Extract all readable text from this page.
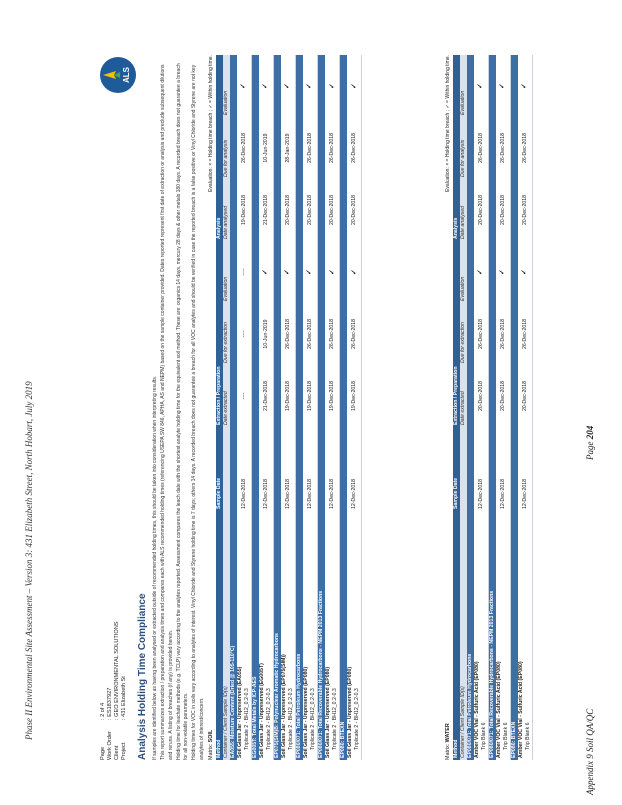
Phase II Environmental Site Assessment – Version 3: 431 Elizabeth Street, North Hobart, July 2019
Appendix 9 Soil QA/QC
Page 204
Page
: 2 of 4
Work Order
: ES1837927
Client
: GEO ENVIRONMENTAL SOLUTIONS
Project
: 431 Elizabeth St
ALS
Analysis Holding Time Compliance If samples are identified below as having been analysed or extracted outside of recommended holding times, this should be taken into consideration when interpreting results. This report summarizes extraction / preparation and analysis times and compares each with ALS recommended holding times (referencing USEPA SW 846, APHA, AS and NEPM) based on the sample container provided. Dates reported represent first date of extraction or analysis and preclude subsequent dilutions and reruns. A listing of breaches (if any) is provided herein. Holding time for leachate methods (e.g. TCLP) vary according to the analytes reported. Assessment compares the leach date with the shortest analyte holding time for the equivalent soil method. These are: organics 14 days, mercury 28 days & other metals 180 days. A recorded breach does not guarantee a breach for all non-volatile parameters. Holding times for VOC in soils vary according to analytes of interest. Vinyl Chloride and Styrene holding time is 7 days; others 14 days. A recorded breach does not guarantee a breach for all VOC analytes and should be verified in case the reported breach is a false positive or Vinyl Chloride and Styrene are not key analytes of interest/concern. Matrix: SOIL
Evaluation: × = Holding time breach ; ✓ = Within holding time.
Method	Sample Date	Extraction / Preparation			Analysis		
Container / Client Sample ID(s)		Date extracted	Due for extraction	Evaluation	Date analysed	Due for analysis	Evaluation
EA055: Moisture Content (Dried @ 105-110°C)							
Soil Glass Jar - Unpreserved (EA055)
Triplicate 2 - BH12_0.2-0.3	12-Dec-2018	----	----	----	19-Dec-2018	26-Dec-2018	✓
EG005T: Total Metals by ICP-AES							
Soil Glass Jar - Unpreserved (EG005T)
Triplicate 2 - BH12_0.2-0.3	12-Dec-2018	21-Dec-2018	10-Jun-2019	✓	21-Dec-2018	10-Jun-2019	✓
EP075(SIM)B: Polynuclear Aromatic Hydrocarbons							
Soil Glass Jar - Unpreserved (EP075(SIM))
Triplicate 2 - BH12_0.2-0.3	12-Dec-2018	19-Dec-2018	26-Dec-2018	✓	20-Dec-2018	28-Jan-2019	✓
EP080/071: Total Petroleum Hydrocarbons							
Soil Glass Jar - Unpreserved (EP080)
Triplicate 2 - BH12_0.2-0.3	12-Dec-2018	19-Dec-2018	26-Dec-2018	✓	20-Dec-2018	26-Dec-2018	✓
EP080/071: Total Recoverable Hydrocarbons - NEPM 2013 Fractions							
Soil Glass Jar - Unpreserved (EP080)
Triplicate 2 - BH12_0.2-0.3	12-Dec-2018	19-Dec-2018	26-Dec-2018	✓	20-Dec-2018	26-Dec-2018	✓
EP080: BTEXN							
Soil Glass Jar - Unpreserved (EP080)
Triplicate 2 - BH12_0.2-0.3	12-Dec-2018	19-Dec-2018	26-Dec-2018	✓	20-Dec-2018	26-Dec-2018	✓
Matrix: WATER
Evaluation: × = Holding time breach ; ✓ = Within holding time.
Method	Sample Date	Extraction / Preparation			Analysis		
Container / Client Sample ID(s)		Date extracted	Due for extraction	Evaluation	Date analysed	Due for analysis	Evaluation
EP080/071: Total Petroleum Hydrocarbons							
Amber VOC Vial - Sulfuric Acid (EP080)
Trip Blank 6	12-Dec-2018	20-Dec-2018	26-Dec-2018	✓	20-Dec-2018	26-Dec-2018	✓
EP080/071: Total Recoverable Hydrocarbons - NEPM 2013 Fractions							
Amber VOC Vial - Sulfuric Acid (EP080)
Trip Blank 6	12-Dec-2018	20-Dec-2018	26-Dec-2018	✓	20-Dec-2018	26-Dec-2018	✓
EP080: BTEXN							
Amber VOC Vial - Sulfuric Acid (EP080)
Trip Blank 6	12-Dec-2018	20-Dec-2018	26-Dec-2018	✓	20-Dec-2018	26-Dec-2018	✓
